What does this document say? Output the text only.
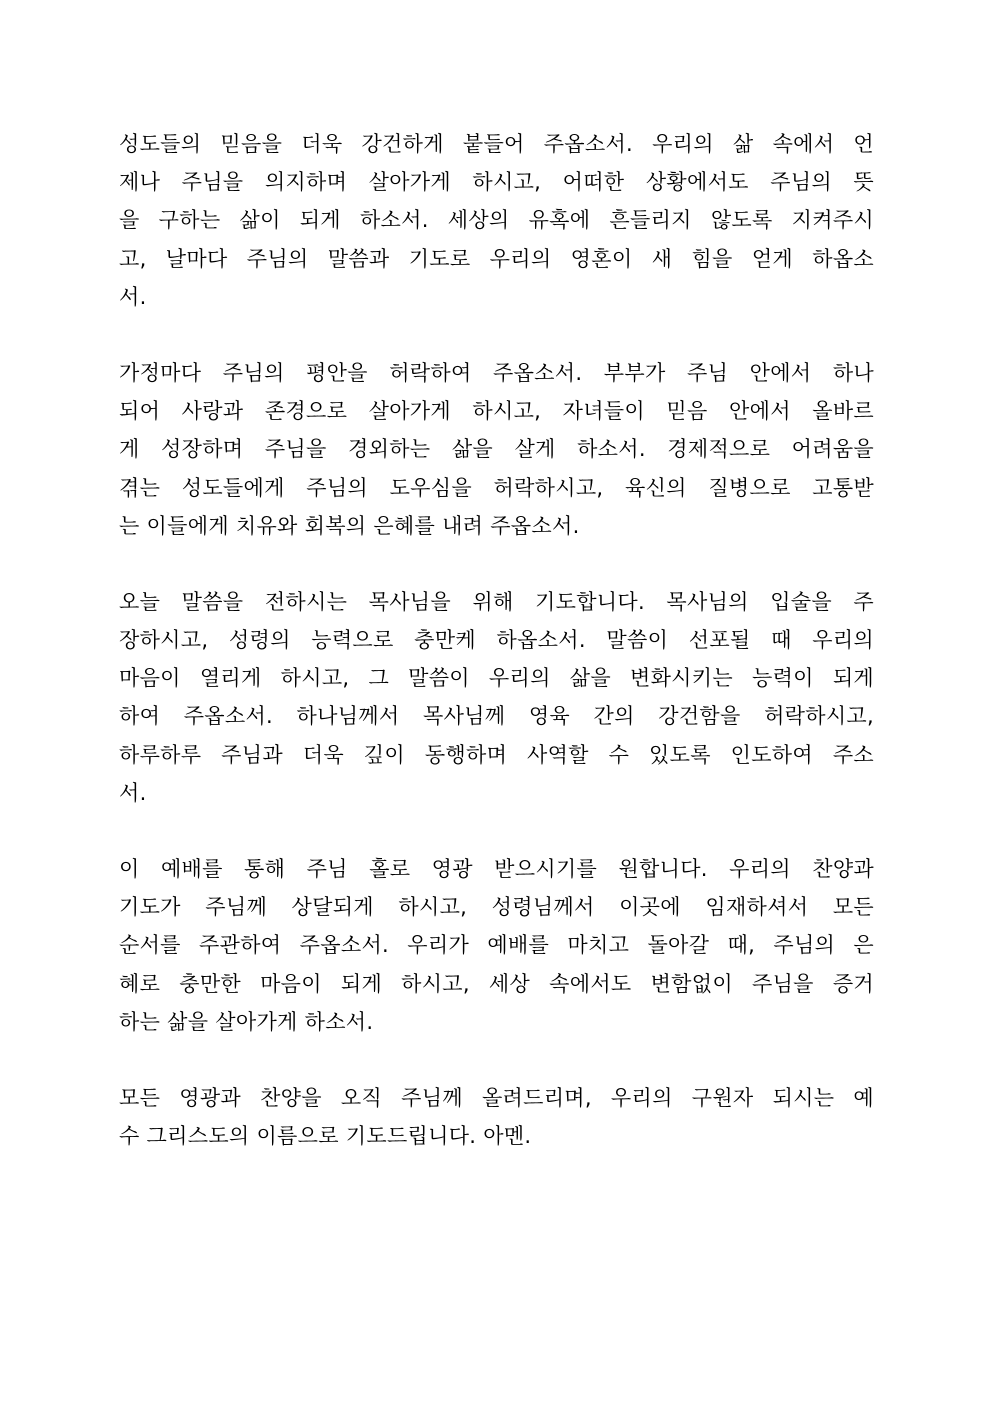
성도들의 믿음을 더욱 강건하게 붙들어 주옵소서. 우리의 삶 속에서 언
제나 주님을 의지하며 살아가게 하시고, 어떠한 상황에서도 주님의 뜻
을 구하는 삶이 되게 하소서. 세상의 유혹에 흔들리지 않도록 지켜주시
고, 날마다 주님의 말씀과 기도로 우리의 영혼이 새 힘을 얻게 하옵소
서.

가정마다 주님의 평안을 허락하여 주옵소서. 부부가 주님 안에서 하나
되어 사랑과 존경으로 살아가게 하시고, 자녀들이 믿음 안에서 올바르
게 성장하며 주님을 경외하는 삶을 살게 하소서. 경제적으로 어려움을
겪는 성도들에게 주님의 도우심을 허락하시고, 육신의 질병으로 고통받
는 이들에게 치유와 회복의 은혜를 내려 주옵소서.

오늘 말씀을 전하시는 목사님을 위해 기도합니다. 목사님의 입술을 주
장하시고, 성령의 능력으로 충만케 하옵소서. 말씀이 선포될 때 우리의
마음이 열리게 하시고, 그 말씀이 우리의 삶을 변화시키는 능력이 되게
하여 주옵소서. 하나님께서 목사님께 영육 간의 강건함을 허락하시고,
하루하루 주님과 더욱 깊이 동행하며 사역할 수 있도록 인도하여 주소
서.

이 예배를 통해 주님 홀로 영광 받으시기를 원합니다. 우리의 찬양과
기도가 주님께 상달되게 하시고, 성령님께서 이곳에 임재하셔서 모든
순서를 주관하여 주옵소서. 우리가 예배를 마치고 돌아갈 때, 주님의 은
혜로 충만한 마음이 되게 하시고, 세상 속에서도 변함없이 주님을 증거
하는 삶을 살아가게 하소서.

모든 영광과 찬양을 오직 주님께 올려드리며, 우리의 구원자 되시는 예
수 그리스도의 이름으로 기도드립니다. 아멘.
